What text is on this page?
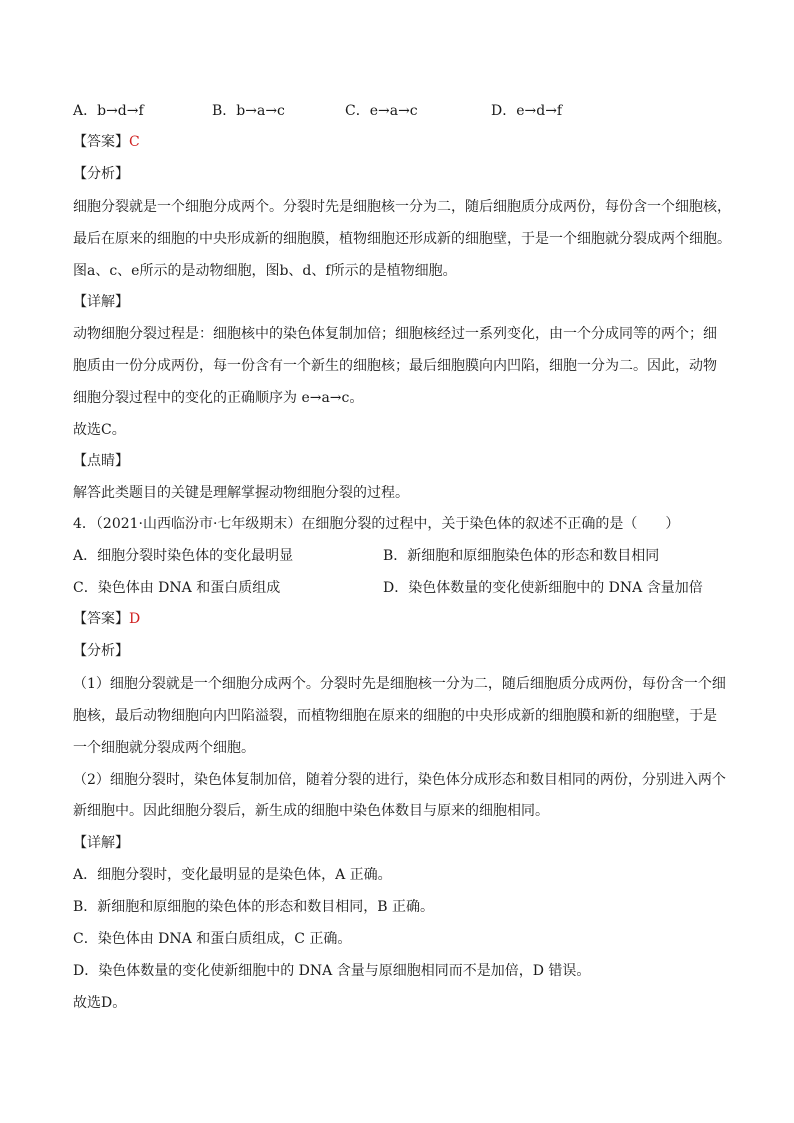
A．b→d→f	B．b→a→c	C．e→a→c	D．e→d→f
【答案】C
【分析】
细胞分裂就是一个细胞分成两个。分裂时先是细胞核一分为二，随后细胞质分成两份，每份含一个细胞核，
最后在原来的细胞的中央形成新的细胞膜，植物细胞还形成新的细胞壁，于是一个细胞就分裂成两个细胞。
图a、c、e所示的是动物细胞，图b、d、f所示的是植物细胞。
【详解】
动物细胞分裂过程是：细胞核中的染色体复制加倍；细胞核经过一系列变化，由一个分成同等的两个；细
胞质由一份分成两份，每一份含有一个新生的细胞核；最后细胞膜向内凹陷，细胞一分为二。因此，动物
细胞分裂过程中的变化的正确顺序为 e→a→c。
故选C。
【点睛】
解答此类题目的关键是理解掌握动物细胞分裂的过程。
4．（2021·山西临汾市·七年级期末）在细胞分裂的过程中，关于染色体的叙述不正确的是（　　）
A．细胞分裂时染色体的变化最明显	B．新细胞和原细胞染色体的形态和数目相同
C．染色体由 DNA 和蛋白质组成	D．染色体数量的变化使新细胞中的 DNA 含量加倍
【答案】D
【分析】
（1）细胞分裂就是一个细胞分成两个。分裂时先是细胞核一分为二，随后细胞质分成两份，每份含一个细
胞核，最后动物细胞向内凹陷溢裂，而植物细胞在原来的细胞的中央形成新的细胞膜和新的细胞壁，于是
一个细胞就分裂成两个细胞。
（2）细胞分裂时，染色体复制加倍，随着分裂的进行，染色体分成形态和数目相同的两份，分别进入两个
新细胞中。因此细胞分裂后，新生成的细胞中染色体数目与原来的细胞相同。
【详解】
A．细胞分裂时，变化最明显的是染色体，A 正确。
B．新细胞和原细胞的染色体的形态和数目相同，B 正确。
C．染色体由 DNA 和蛋白质组成，C 正确。
D．染色体数量的变化使新细胞中的 DNA 含量与原细胞相同而不是加倍，D 错误。
故选D。
